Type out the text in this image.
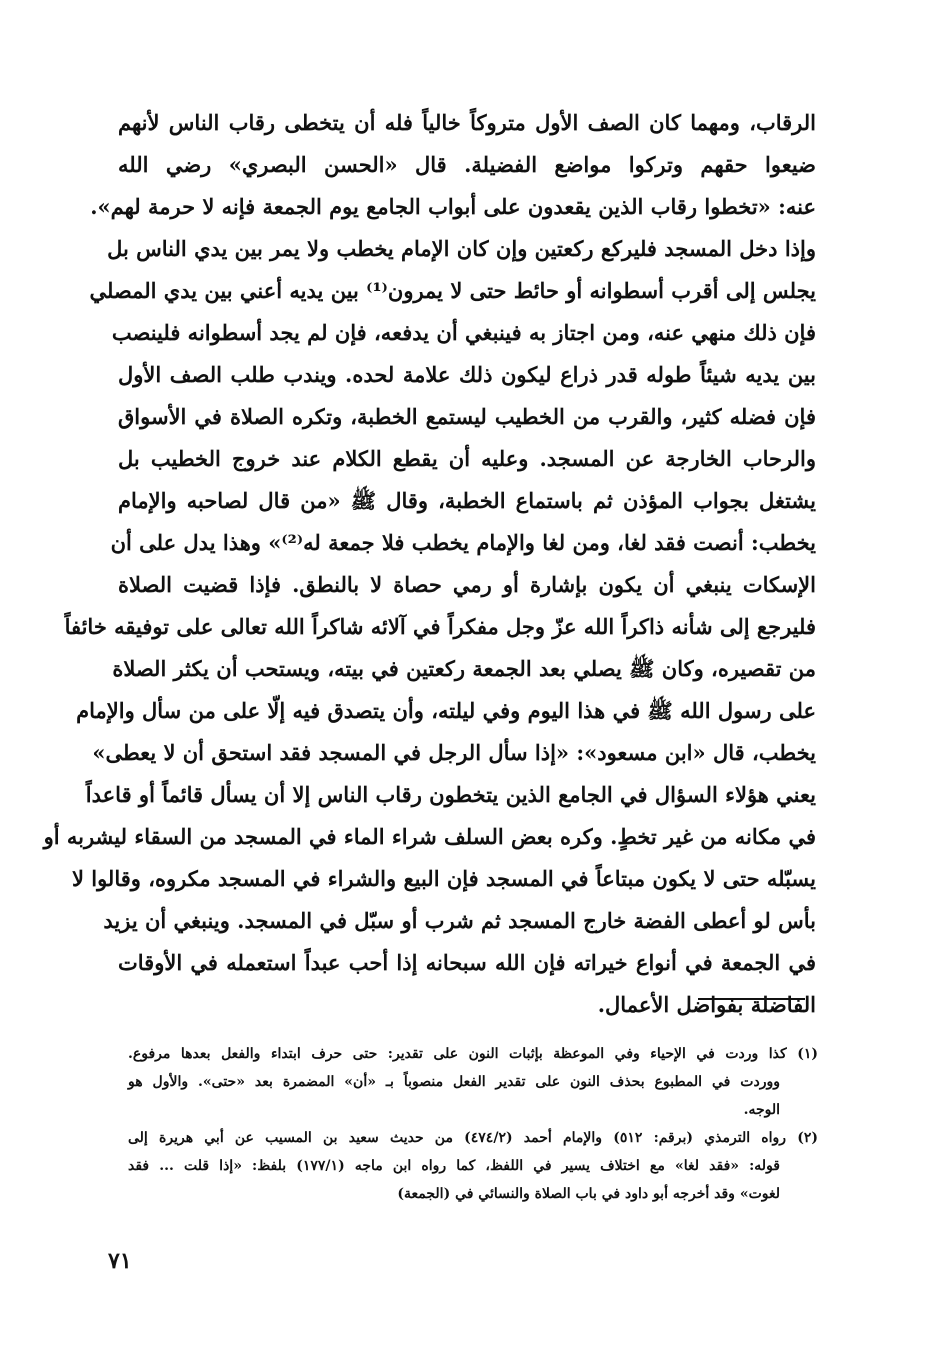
الرقاب، ومهما كان الصف الأول متروكاً خالياً فله أن يتخطى رقاب الناس لأنهم
ضيعوا حقهم وتركوا مواضع الفضيلة. قال «الحسن البصري» رضي الله
عنه: «تخطوا رقاب الذين يقعدون على أبواب الجامع يوم الجمعة فإنه لا حرمة لهم».
وإذا دخل المسجد فليركع ركعتين وإن كان الإمام يخطب ولا يمر بين يدي الناس بل
يجلس إلى أقرب أسطوانه أو حائط حتى لا يمرون⁽¹⁾ بين يديه أعني بين يدي المصلي
فإن ذلك منهي عنه، ومن اجتاز به فينبغي أن يدفعه، فإن لم يجد أسطوانه فلينصب
بين يديه شيئاً طوله قدر ذراع ليكون ذلك علامة لحده. ويندب طلب الصف الأول
فإن فضله كثير، والقرب من الخطيب ليستمع الخطبة، وتكره الصلاة في الأسواق
والرحاب الخارجة عن المسجد. وعليه أن يقطع الكلام عند خروج الخطيب بل
يشتغل بجواب المؤذن ثم باستماع الخطبة، وقال ﷺ «من قال لصاحبه والإمام
يخطب: أنصت فقد لغا، ومن لغا والإمام يخطب فلا جمعة له⁽²⁾» وهذا يدل على أن
الإسكات ينبغي أن يكون بإشارة أو رمي حصاة لا بالنطق. فإذا قضيت الصلاة
فليرجع إلى شأنه ذاكراً الله عزّ وجل مفكراً في آلائه شاكراً الله تعالى على توفيقه خائفاً
من تقصيره، وكان ﷺ يصلي بعد الجمعة ركعتين في بيته، ويستحب أن يكثر الصلاة
على رسول الله ﷺ في هذا اليوم وفي ليلته، وأن يتصدق فيه إلّا على من سأل والإمام
يخطب، قال «ابن مسعود»: «إذا سأل الرجل في المسجد فقد استحق أن لا يعطى»
يعني هؤلاء السؤال في الجامع الذين يتخطون رقاب الناس إلا أن يسأل قائماً أو قاعداً
في مكانه من غير تخطٍ. وكره بعض السلف شراء الماء في المسجد من السقاء ليشربه أو
يسبّله حتى لا يكون مبتاعاً في المسجد فإن البيع والشراء في المسجد مكروه، وقالوا لا
بأس لو أعطى الفضة خارج المسجد ثم شرب أو سبّل في المسجد. وينبغي أن يزيد
في الجمعة في أنواع خيراته فإن الله سبحانه إذا أحب عبداً استعمله في الأوقات
الفاضلة بفواضل الأعمال.
(١) كذا وردت في الإحياء وفي الموعظة بإثبات النون على تقدير: حتى حرف ابتداء والفعل بعدها مرفوع.
ووردت في المطبوع بحذف النون على تقدير الفعل منصوباً بـ «أن» المضمرة بعد «حتى». والأول هو
الوجه.
(٢) رواه الترمذي (برقم: ٥١٢) والإمام أحمد (٤٧٤/٢) من حديث سعيد بن المسيب عن أبي هريرة إلى
قوله: «فقد لغا» مع اختلاف يسير في اللفظ، كما رواه ابن ماجه (١٧٧/١) بلفظ: «إذا قلت ... فقد
لغوت» وقد أخرجه أبو داود في باب الصلاة والنسائي في (الجمعة)
٧١
